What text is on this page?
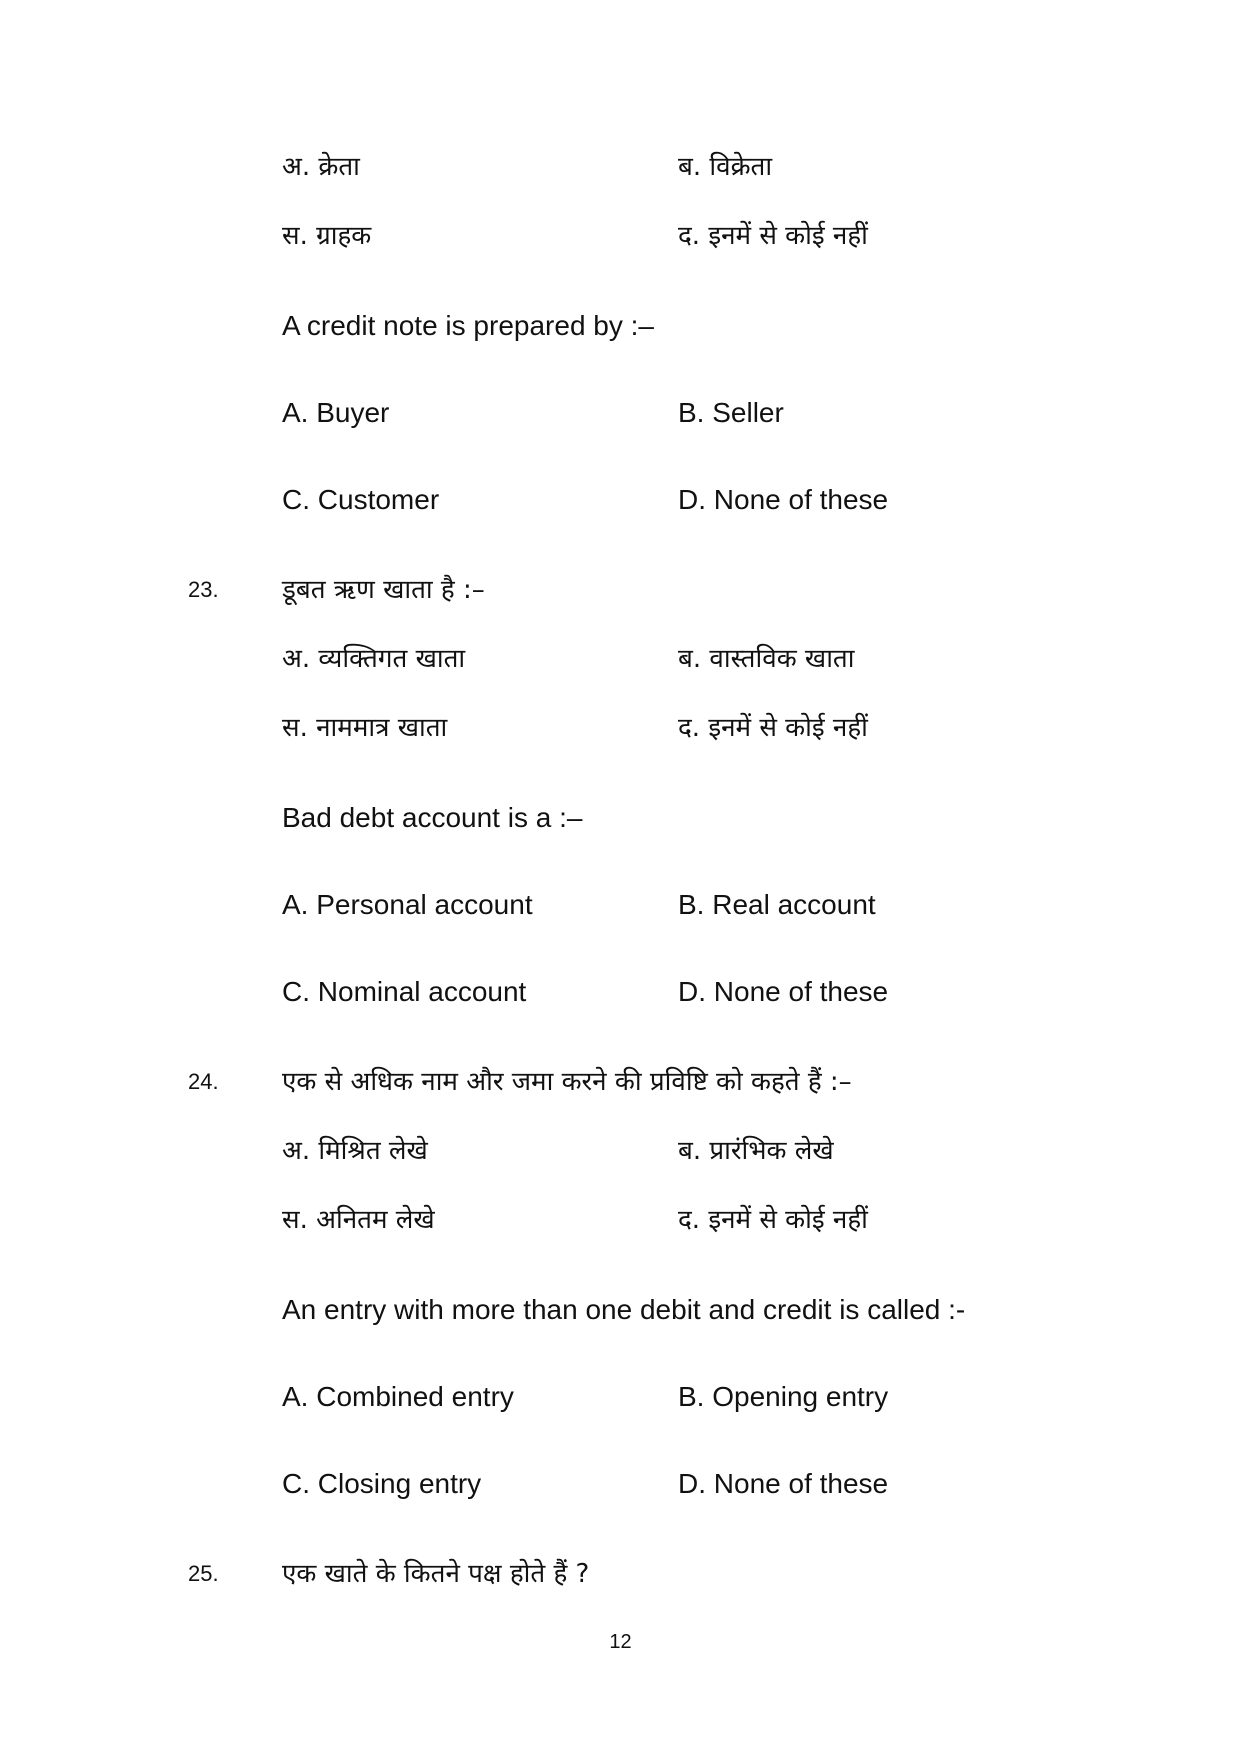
अ. क्रेता	ब. विक्रेता
स. ग्राहक	द. इनमें से कोई नहीं
A credit note is prepared by :–
A. Buyer	B. Seller
C. Customer	D. None of these
23. डूबत ऋण खाता है :–
अ. व्यक्तिगत खाता	ब. वास्तविक खाता
स. नाममात्र खाता	द. इनमें से कोई नहीं
Bad debt account is a :–
A. Personal account	B. Real account
C. Nominal account	D. None of these
24. एक से अधिक नाम और जमा करने की प्रविष्टि को कहते हैं :–
अ. मिश्रित लेखे	ब. प्रारंभिक लेखे
स. अनितम लेखे	द. इनमें से कोई नहीं
An entry with more than one debit and credit is called :-
A. Combined entry	B. Opening entry
C. Closing entry	D. None of these
25. एक खाते के कितने पक्ष होते हैं ?
12
